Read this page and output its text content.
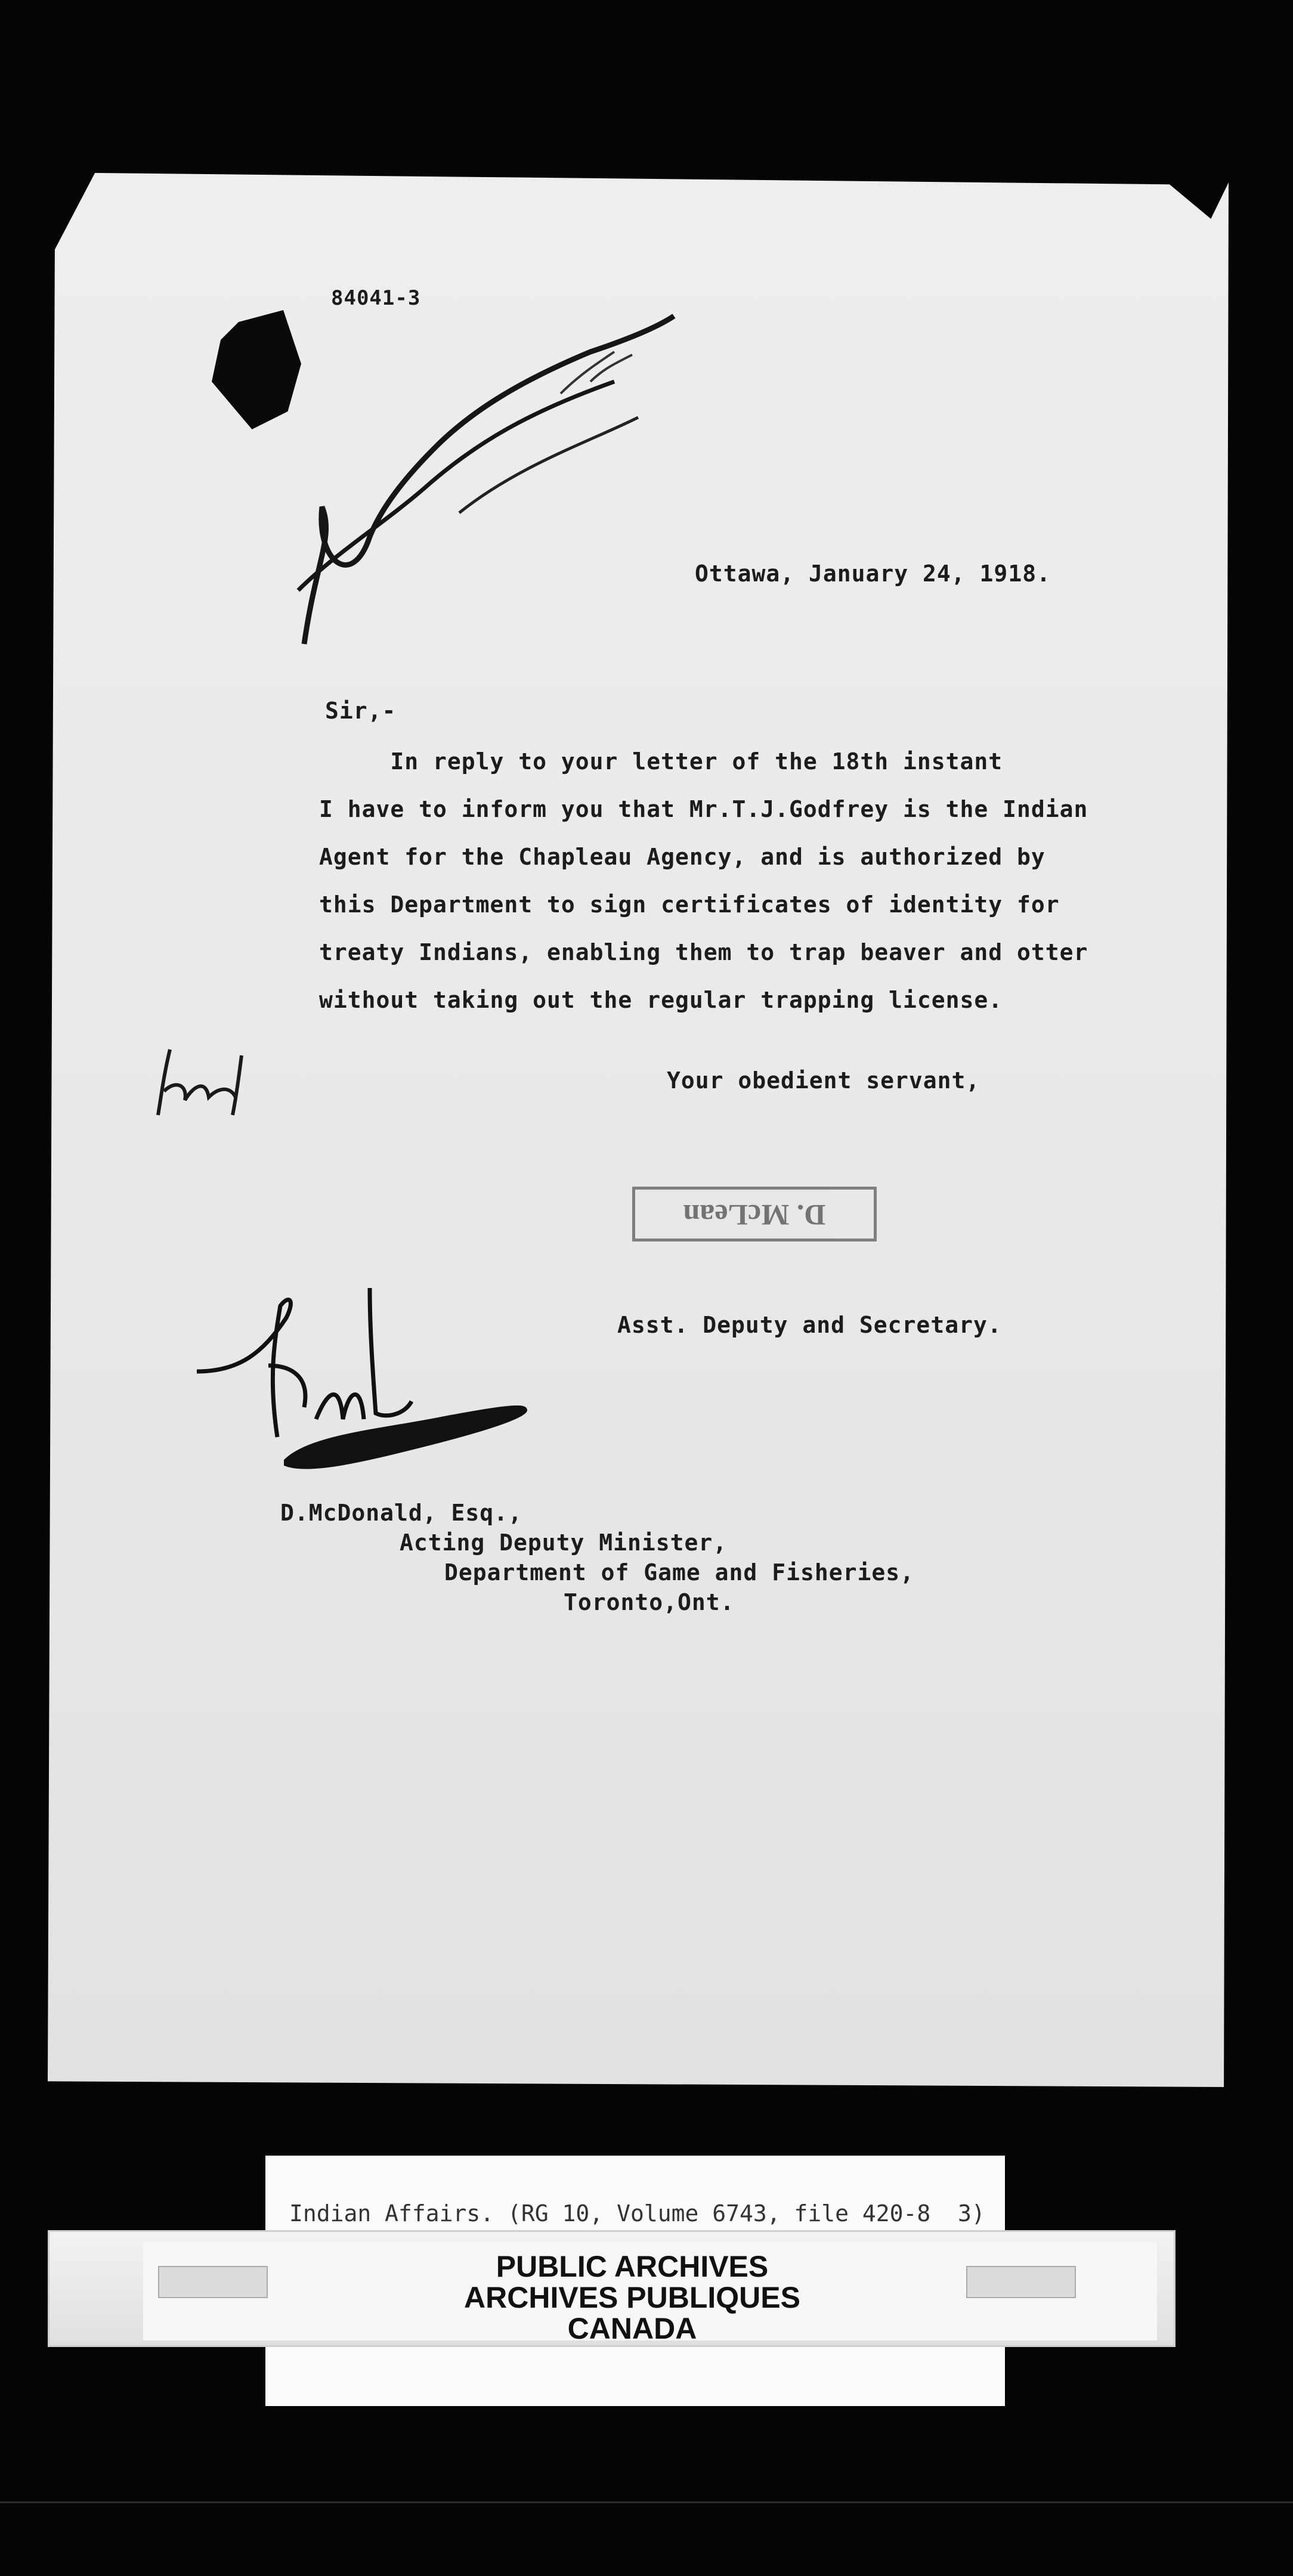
84041-3
Ottawa, January 24, 1918.
Sir,-
In reply to your letter of the 18th instant
I have to inform you that Mr.T.J.Godfrey is the Indian
Agent for the Chapleau Agency, and is authorized by
this Department to sign certificates of identity for
treaty Indians, enabling them to trap beaver and otter
without taking out the regular trapping license.
Your obedient servant,
D. McLean
Asst. Deputy and Secretary.
D.McDonald, Esq.,
Acting Deputy Minister,
Department of Game and Fisheries,
Toronto,Ont.
Indian Affairs. (RG 10, Volume 6743, file 420-8  3)
PUBLIC ARCHIVES
ARCHIVES PUBLIQUES
CANADA
